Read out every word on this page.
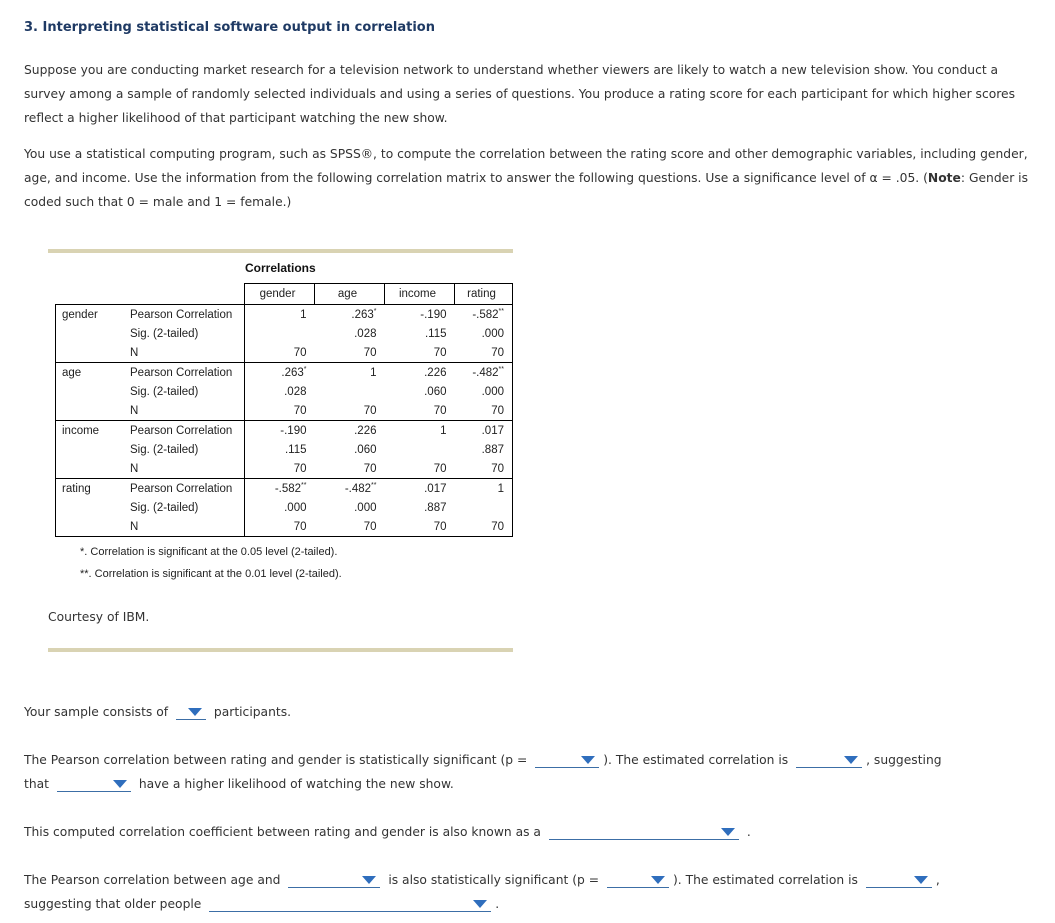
3. Interpreting statistical software output in correlation
Suppose you are conducting market research for a television network to understand whether viewers are likely to watch a new television show. You conduct a survey among a sample of randomly selected individuals and using a series of questions. You produce a rating score for each participant for which higher scores reflect a higher likelihood of that participant watching the new show.
You use a statistical computing program, such as SPSS®, to compute the correlation between the rating score and other demographic variables, including gender, age, and income. Use the information from the following correlation matrix to answer the following questions. Use a significance level of α = .05. (Note: Gender is coded such that 0 = male and 1 = female.)
Correlations
		gender	age	income	rating
gender	Pearson Correlation	1	.263*	-.190	-.582**
	Sig. (2-tailed)		.028	.115	.000
	N	70	70	70	70
age	Pearson Correlation	.263*	1	.226	-.482**
	Sig. (2-tailed)	.028		.060	.000
	N	70	70	70	70
income	Pearson Correlation	-.190	.226	1	.017
	Sig. (2-tailed)	.115	.060		.887
	N	70	70	70	70
rating	Pearson Correlation	-.582**	-.482**	.017	1
	Sig. (2-tailed)	.000	.000	.887	
	N	70	70	70	70
*. Correlation is significant at the 0.05 level (2-tailed).
**. Correlation is significant at the 0.01 level (2-tailed).
Courtesy of IBM.
Your sample consists of	participants.
The Pearson correlation between rating and gender is statistically significant (p =	). The estimated correlation is	, suggesting
that	have a higher likelihood of watching the new show.
This computed correlation coefficient between rating and gender is also known as a	.
The Pearson correlation between age and	is also statistically significant (p =	). The estimated correlation is	,
suggesting that older people	.
